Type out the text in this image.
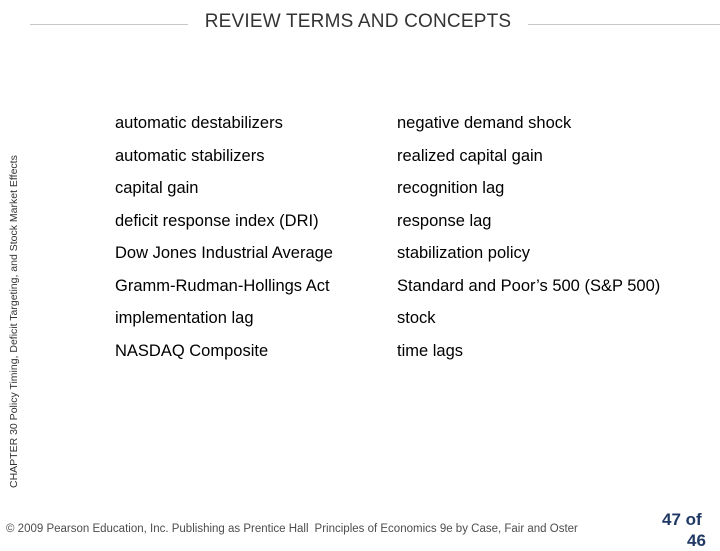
REVIEW TERMS AND CONCEPTS
CHAPTER 30 Policy Timing, Deficit Targeting, and Stock Market Effects
automatic destabilizers	negative demand shock
automatic stabilizers	realized capital gain
capital gain	recognition lag
deficit response index (DRI)	response lag
Dow Jones Industrial Average	stabilization policy
Gramm-Rudman-Hollings Act	Standard and Poor’s 500 (S&P 500)
implementation lag	stock
NASDAQ Composite	time lags
© 2009 Pearson Education, Inc. Publishing as Prentice Hall Principles of Economics 9e by Case, Fair and Oster	47 of
46
